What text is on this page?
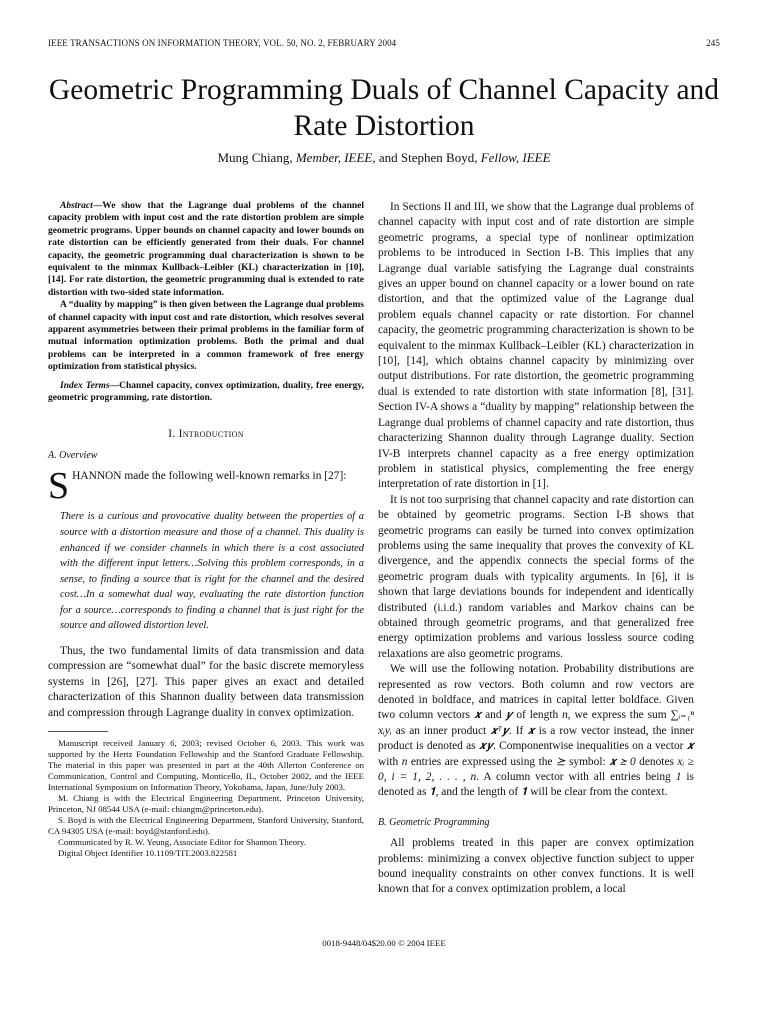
IEEE TRANSACTIONS ON INFORMATION THEORY, VOL. 50, NO. 2, FEBRUARY 2004	245
Geometric Programming Duals of Channel Capacity and Rate Distortion
Mung Chiang, Member, IEEE, and Stephen Boyd, Fellow, IEEE

Abstract—We show that the Lagrange dual problems of the channel capacity problem with input cost and the rate distortion problem are simple geometric programs. Upper bounds on channel capacity and lower bounds on rate distortion can be efficiently generated from their duals. For channel capacity, the geometric programming dual characterization is shown to be equivalent to the minmax Kullback–Leibler (KL) characterization in [10], [14]. For rate distortion, the geometric programming dual is extended to rate distortion with two-sided state information.

A “duality by mapping” is then given between the Lagrange dual problems of channel capacity with input cost and rate distortion, which resolves several apparent asymmetries between their primal problems in the familiar form of mutual information optimization problems. Both the primal and dual problems can be interpreted in a common framework of free energy optimization from statistical physics.

Index Terms—Channel capacity, convex optimization, duality, free energy, geometric programming, rate distortion.
I. Introduction
A. Overview

SHANNON made the following well-known remarks in [27]:

There is a curious and provocative duality between the properties of a source with a distortion measure and those of a channel. This duality is enhanced if we consider channels in which there is a cost associated with the different input letters…Solving this problem corresponds, in a sense, to finding a source that is right for the channel and the desired cost…In a somewhat dual way, evaluating the rate distortion function for a source…corresponds to finding a channel that is just right for the source and allowed distortion level.

Thus, the two fundamental limits of data transmission and data compression are “somewhat dual” for the basic discrete memoryless systems in [26], [27]. This paper gives an exact and detailed characterization of this Shannon duality between data transmission and compression through Lagrange duality in convex optimization.

Manuscript received January 6, 2003; revised October 6, 2003. This work was supported by the Hertz Foundation Fellowship and the Stanford Graduate Fellowship. The material in this paper was presented in part at the 40th Allerton Conference on Communication, Control and Computing, Monticello, IL, October 2002, and the IEEE International Symposium on Information Theory, Yokohama, Japan, June/July 2003.

M. Chiang is with the Electrical Engineering Department, Princeton University, Princeton, NJ 08544 USA (e-mail: chiangm@princeton.edu).

S. Boyd is with the Electrical Engineering Department, Stanford University, Stanford, CA 94305 USA (e-mail: boyd@stanford.edu).

Communicated by R. W. Yeung, Associate Editor for Shannon Theory.

Digital Object Identifier 10.1109/TIT.2003.822581

In Sections II and III, we show that the Lagrange dual problems of channel capacity with input cost and of rate distortion are simple geometric programs, a special type of nonlinear optimization problems to be introduced in Section I-B. This implies that any Lagrange dual variable satisfying the Lagrange dual constraints gives an upper bound on channel capacity or a lower bound on rate distortion, and that the optimized value of the Lagrange dual problem equals channel capacity or rate distortion. For channel capacity, the geometric programming characterization is shown to be equivalent to the minmax Kullback–Leibler (KL) characterization in [10], [14], which obtains channel capacity by minimizing over output distributions. For rate distortion, the geometric programming dual is extended to rate distortion with state information [8], [31]. Section IV-A shows a “duality by mapping” relationship between the Lagrange dual problems of channel capacity and rate distortion, thus characterizing Shannon duality through Lagrange duality. Section IV-B interprets channel capacity as a free energy optimization problem in statistical physics, complementing the free energy interpretation of rate distortion in [1].

It is not too surprising that channel capacity and rate distortion can be obtained by geometric programs. Section I-B shows that geometric programs can easily be turned into convex optimization problems using the same inequality that proves the convexity of KL divergence, and the appendix connects the special forms of the geometric program duals with typicality arguments. In [6], it is shown that large deviations bounds for independent and identically distributed (i.i.d.) random variables and Markov chains can be obtained through geometric programs, and that generalized free energy optimization problems and various lossless source coding relaxations are also geometric programs.

We will use the following notation. Probability distributions are represented as row vectors. Both column and row vectors are denoted in boldface, and matrices in capital letter boldface. Given two column vectors 𝒙 and 𝒚 of length n, we express the sum ∑ᵢ₌₁ⁿ xᵢyᵢ as an inner product 𝒙ᵀ𝒚. If 𝒙 is a row vector instead, the inner product is denoted as 𝒙𝒚. Componentwise inequalities on a vector 𝒙 with n entries are expressed using the ⪰ symbol: 𝒙 ⪰ 0 denotes xᵢ ≥ 0, i = 1, 2, . . . , n. A column vector with all entries being 1 is denoted as 𝟏, and the length of 𝟏 will be clear from the context.

B. Geometric Programming

All problems treated in this paper are convex optimization problems: minimizing a convex objective function subject to upper bound inequality constraints on other convex functions. It is well known that for a convex optimization problem, a local

0018-9448/04$20.00 © 2004 IEEE
